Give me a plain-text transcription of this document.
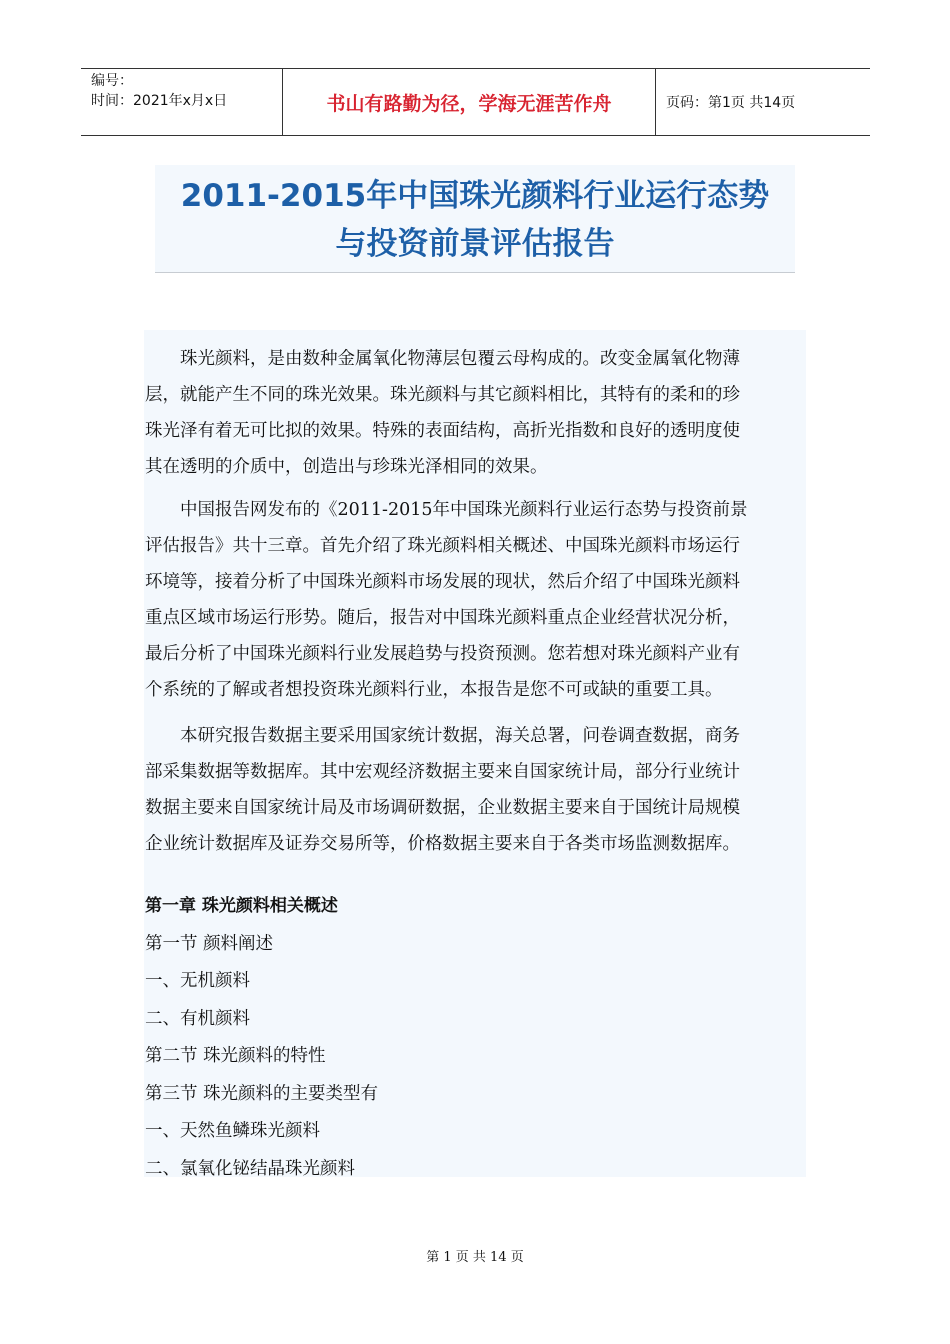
编号：
时间：2021年x月x日	书山有路勤为径，学海无涯苦作舟	页码：第1页 共14页
2011-2015年中国珠光颜料行业运行态势
与投资前景评估报告
　　珠光颜料，是由数种金属氧化物薄层包覆云母构成的。改变金属氧化物薄
层，就能产生不同的珠光效果。珠光颜料与其它颜料相比，其特有的柔和的珍
珠光泽有着无可比拟的效果。特殊的表面结构，高折光指数和良好的透明度使
其在透明的介质中，创造出与珍珠光泽相同的效果。
　　中国报告网发布的《2011-2015年中国珠光颜料行业运行态势与投资前景
评估报告》共十三章。首先介绍了珠光颜料相关概述、中国珠光颜料市场运行
环境等，接着分析了中国珠光颜料市场发展的现状，然后介绍了中国珠光颜料
重点区域市场运行形势。随后，报告对中国珠光颜料重点企业经营状况分析，
最后分析了中国珠光颜料行业发展趋势与投资预测。您若想对珠光颜料产业有
个系统的了解或者想投资珠光颜料行业，本报告是您不可或缺的重要工具。
　　本研究报告数据主要采用国家统计数据，海关总署，问卷调查数据，商务
部采集数据等数据库。其中宏观经济数据主要来自国家统计局，部分行业统计
数据主要来自国家统计局及市场调研数据，企业数据主要来自于国统计局规模
企业统计数据库及证券交易所等，价格数据主要来自于各类市场监测数据库。
第一章 珠光颜料相关概述
第一节 颜料阐述
一、无机颜料
二、有机颜料
第二节 珠光颜料的特性
第三节 珠光颜料的主要类型有
一、天然鱼鳞珠光颜料
二、氯氧化铋结晶珠光颜料
第 1 页 共 14 页
